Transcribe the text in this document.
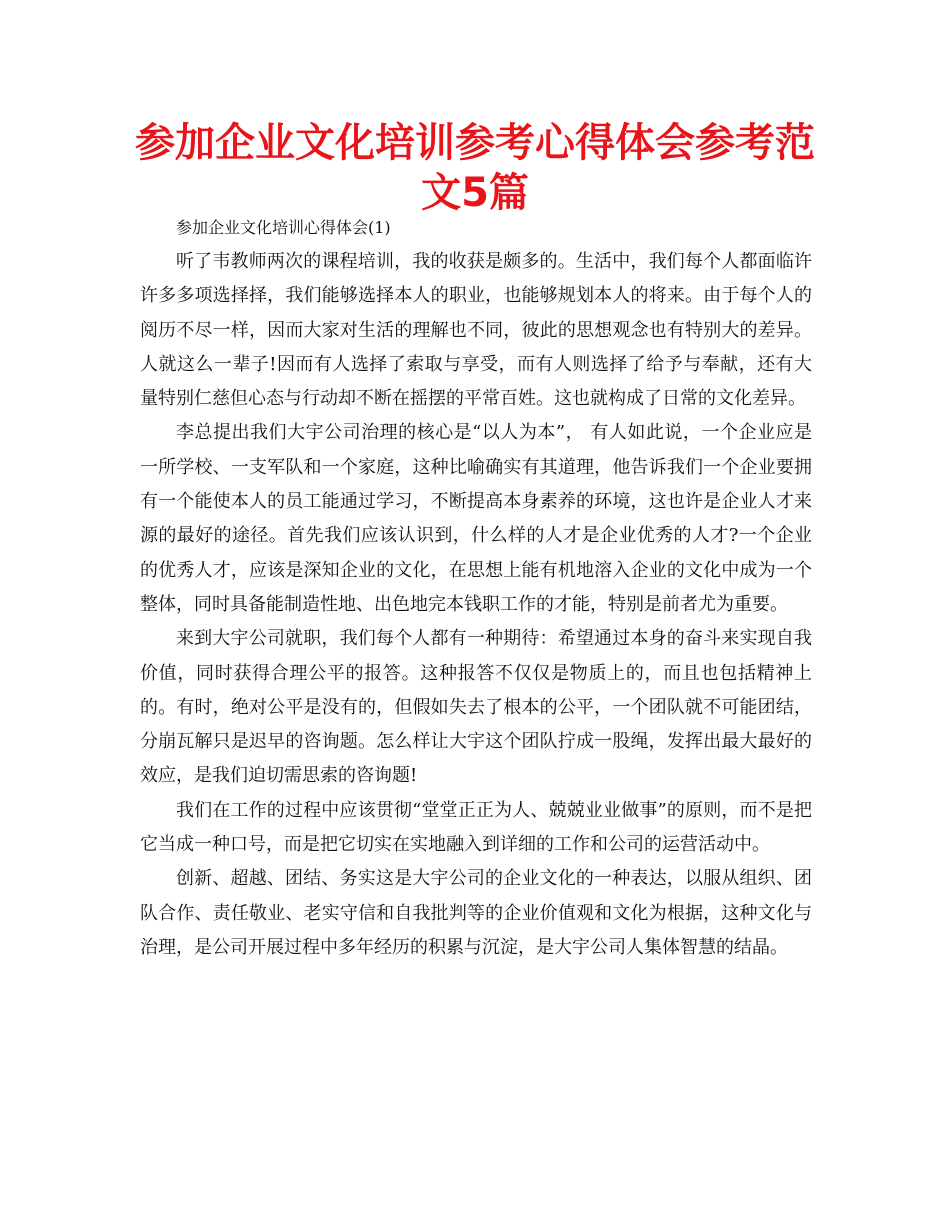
参加企业文化培训参考心得体会参考范文5篇

参加企业文化培训心得体会(1)

听了韦教师两次的课程培训，我的收获是颇多的。生活中，我们每个人都面临许许多多项选择择，我们能够选择本人的职业，也能够规划本人的将来。由于每个人的阅历不尽一样，因而大家对生活的理解也不同，彼此的思想观念也有特别大的差异。人就这么一辈子!因而有人选择了索取与享受，而有人则选择了给予与奉献，还有大量特别仁慈但心态与行动却不断在摇摆的平常百姓。这也就构成了日常的文化差异。

李总提出我们大宇公司治理的核心是“以人为本”， 有人如此说，一个企业应是一所学校、一支军队和一个家庭，这种比喻确实有其道理，他告诉我们一个企业要拥有一个能使本人的员工能通过学习，不断提高本身素养的环境，这也许是企业人才来源的最好的途径。首先我们应该认识到，什么样的人才是企业优秀的人才?一个企业的优秀人才，应该是深知企业的文化，在思想上能有机地溶入企业的文化中成为一个整体，同时具备能制造性地、出色地完本钱职工作的才能，特别是前者尤为重要。

来到大宇公司就职，我们每个人都有一种期待：希望通过本身的奋斗来实现自我价值，同时获得合理公平的报答。这种报答不仅仅是物质上的，而且也包括精神上的。有时，绝对公平是没有的，但假如失去了根本的公平，一个团队就不可能团结，分崩瓦解只是迟早的咨询题。怎么样让大宇这个团队拧成一股绳，发挥出最大最好的效应，是我们迫切需思索的咨询题!

我们在工作的过程中应该贯彻“堂堂正正为人、兢兢业业做事”的原则，而不是把它当成一种口号，而是把它切实在实地融入到详细的工作和公司的运营活动中。

创新、超越、团结、务实这是大宇公司的企业文化的一种表达，以服从组织、团队合作、责任敬业、老实守信和自我批判等的企业价值观和文化为根据，这种文化与治理，是公司开展过程中多年经历的积累与沉淀，是大宇公司人集体智慧的结晶。
